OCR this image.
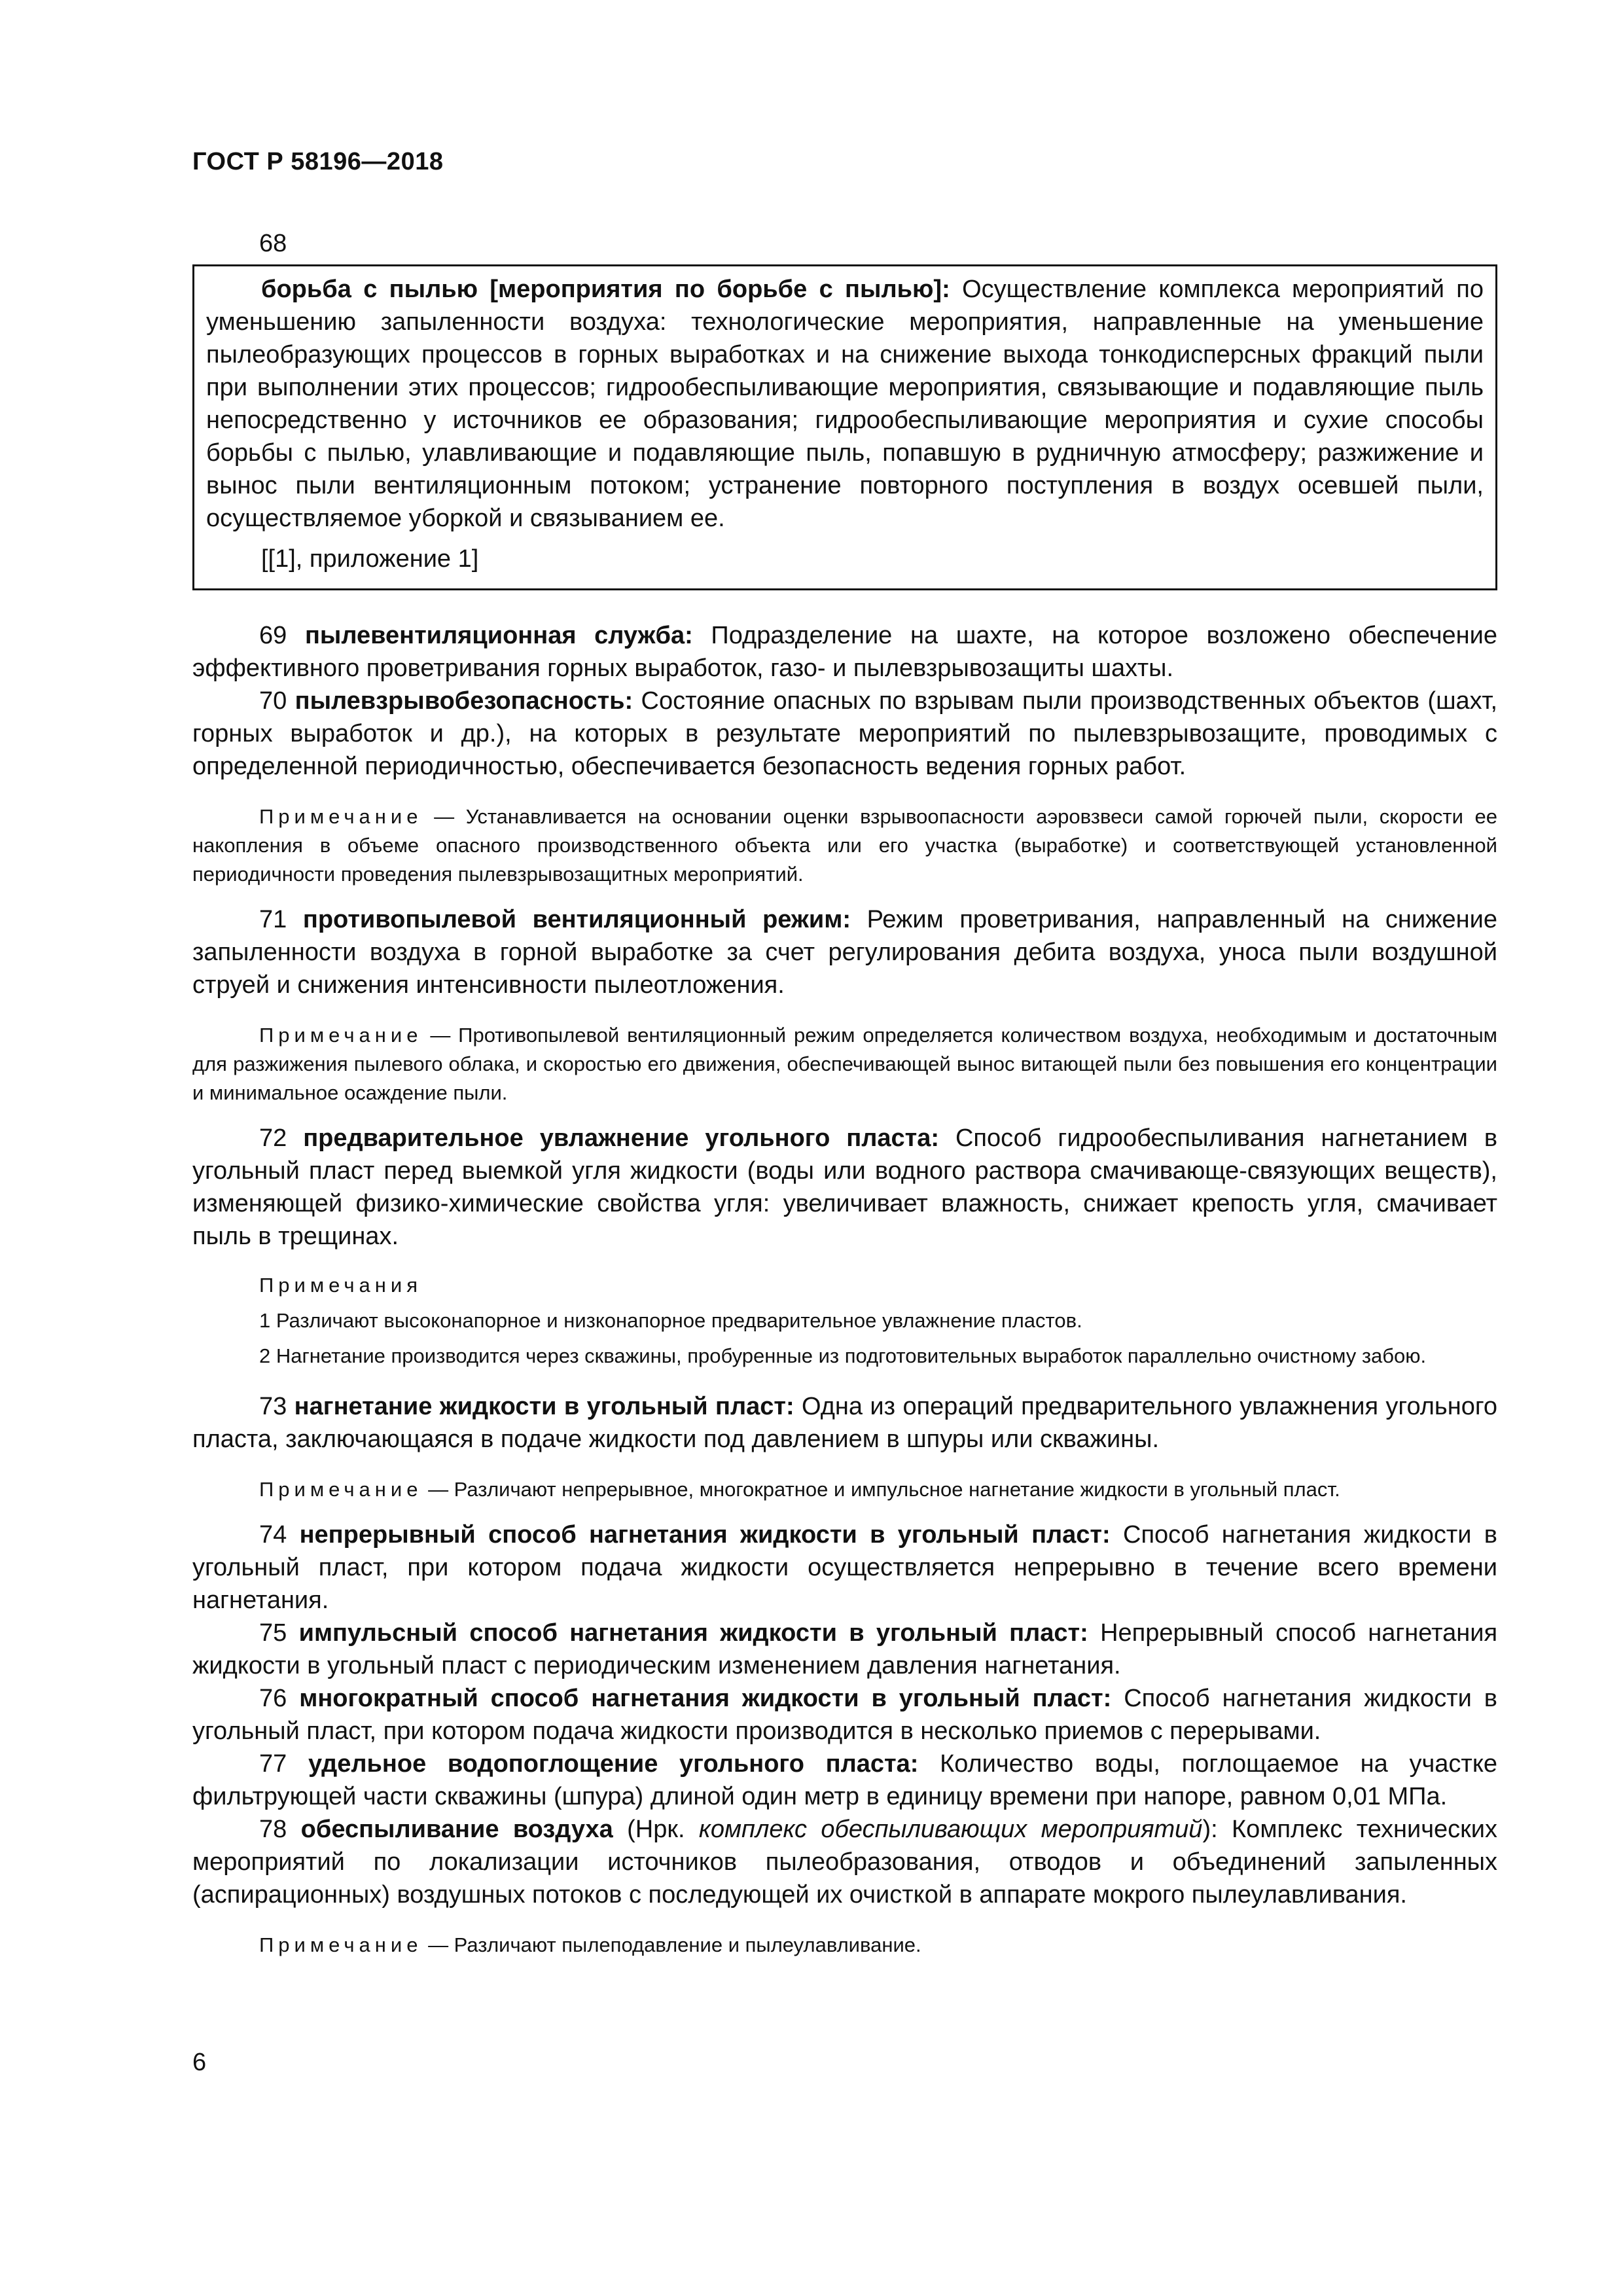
ГОСТ Р 58196—2018
68

борьба с пылью [мероприятия по борьбе с пылью]: Осуществление комплекса мероприятий по уменьшению запыленности воздуха: технологические мероприятия, направленные на уменьшение пылеобразующих процессов в горных выработках и на снижение выхода тонкодисперсных фракций пыли при выполнении этих процессов; гидрообеспыливающие мероприятия, связывающие и подавляющие пыль непосредственно у источников ее образования; гидрообеспыливающие мероприятия и сухие способы борьбы с пылью, улавливающие и подавляющие пыль, попавшую в рудничную атмосферу; разжижение и вынос пыли вентиляционным потоком; устранение повторного поступления в воздух осевшей пыли, осуществляемое уборкой и связыванием ее.

[[1], приложение 1]

69 пылевентиляционная служба: Подразделение на шахте, на которое возложено обеспечение эффективного проветривания горных выработок, газо- и пылевзрывозащиты шахты.

70 пылевзрывобезопасность: Состояние опасных по взрывам пыли производственных объектов (шахт, горных выработок и др.), на которых в результате мероприятий по пылевзрывозащите, проводимых с определенной периодичностью, обеспечивается безопасность ведения горных работ.

Примечание — Устанавливается на основании оценки взрывоопасности аэровзвеси самой горючей пыли, скорости ее накопления в объеме опасного производственного объекта или его участка (выработке) и соответствующей установленной периодичности проведения пылевзрывозащитных мероприятий.

71 противопылевой вентиляционный режим: Режим проветривания, направленный на снижение запыленности воздуха в горной выработке за счет регулирования дебита воздуха, уноса пыли воздушной струей и снижения интенсивности пылеотложения.

Примечание — Противопылевой вентиляционный режим определяется количеством воздуха, необходимым и достаточным для разжижения пылевого облака, и скоростью его движения, обеспечивающей вынос витающей пыли без повышения его концентрации и минимальное осаждение пыли.

72 предварительное увлажнение угольного пласта: Способ гидрообеспыливания нагнетанием в угольный пласт перед выемкой угля жидкости (воды или водного раствора смачивающе-связующих веществ), изменяющей физико-химические свойства угля: увеличивает влажность, снижает крепость угля, смачивает пыль в трещинах.

Примечания

1 Различают высоконапорное и низконапорное предварительное увлажнение пластов.

2 Нагнетание производится через скважины, пробуренные из подготовительных выработок параллельно очистному забою.

73 нагнетание жидкости в угольный пласт: Одна из операций предварительного увлажнения угольного пласта, заключающаяся в подаче жидкости под давлением в шпуры или скважины.

Примечание — Различают непрерывное, многократное и импульсное нагнетание жидкости в угольный пласт.

74 непрерывный способ нагнетания жидкости в угольный пласт: Способ нагнетания жидкости в угольный пласт, при котором подача жидкости осуществляется непрерывно в течение всего времени нагнетания.

75 импульсный способ нагнетания жидкости в угольный пласт: Непрерывный способ нагнетания жидкости в угольный пласт с периодическим изменением давления нагнетания.

76 многократный способ нагнетания жидкости в угольный пласт: Способ нагнетания жидкости в угольный пласт, при котором подача жидкости производится в несколько приемов с перерывами.

77 удельное водопоглощение угольного пласта: Количество воды, поглощаемое на участке фильтрующей части скважины (шпура) длиной один метр в единицу времени при напоре, равном 0,01 МПа.

78 обеспыливание воздуха (Нрк. комплекс обеспыливающих мероприятий): Комплекс технических мероприятий по локализации источников пылеобразования, отводов и объединений запыленных (аспирационных) воздушных потоков с последующей их очисткой в аппарате мокрого пылеулавливания.

Примечание — Различают пылеподавление и пылеулавливание.

6
